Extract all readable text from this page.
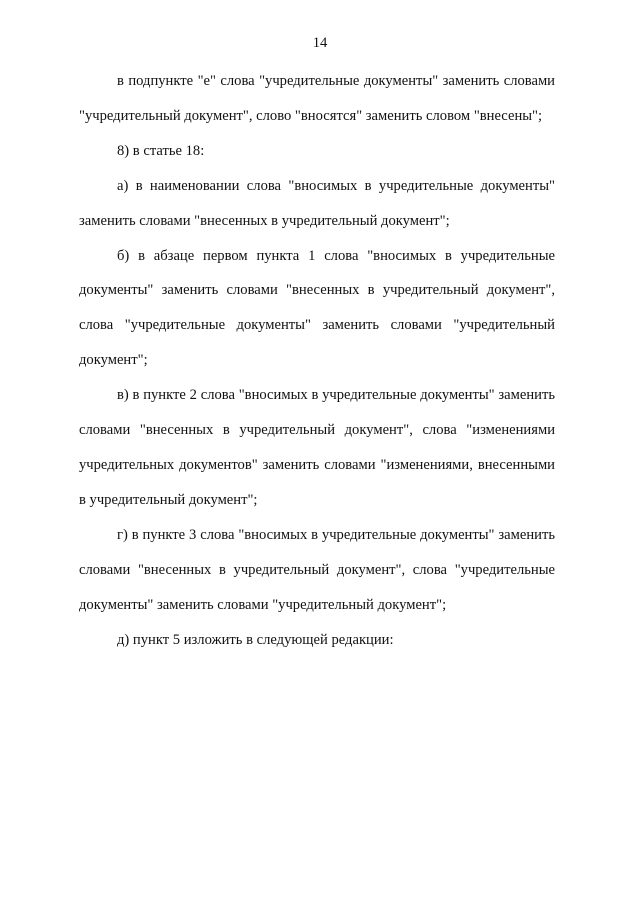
14

в подпункте "е" слова "учредительные документы" заменить словами "учредительный документ", слово "вносятся" заменить словом "внесены";

8) в статье 18:

а) в наименовании слова "вносимых в учредительные документы" заменить словами "внесенных в учредительный документ";

б) в абзаце первом пункта 1 слова "вносимых в учредительные документы" заменить словами "внесенных в учредительный документ", слова "учредительные документы" заменить словами "учредительный документ";

в) в пункте 2 слова "вносимых в учредительные документы" заменить словами "внесенных в учредительный документ", слова "изменениями учредительных документов" заменить словами "изменениями, внесенными в учредительный документ";

г) в пункте 3 слова "вносимых в учредительные документы" заменить словами "внесенных в учредительный документ", слова "учредительные документы" заменить словами "учредительный документ";

д) пункт 5 изложить в следующей редакции:
